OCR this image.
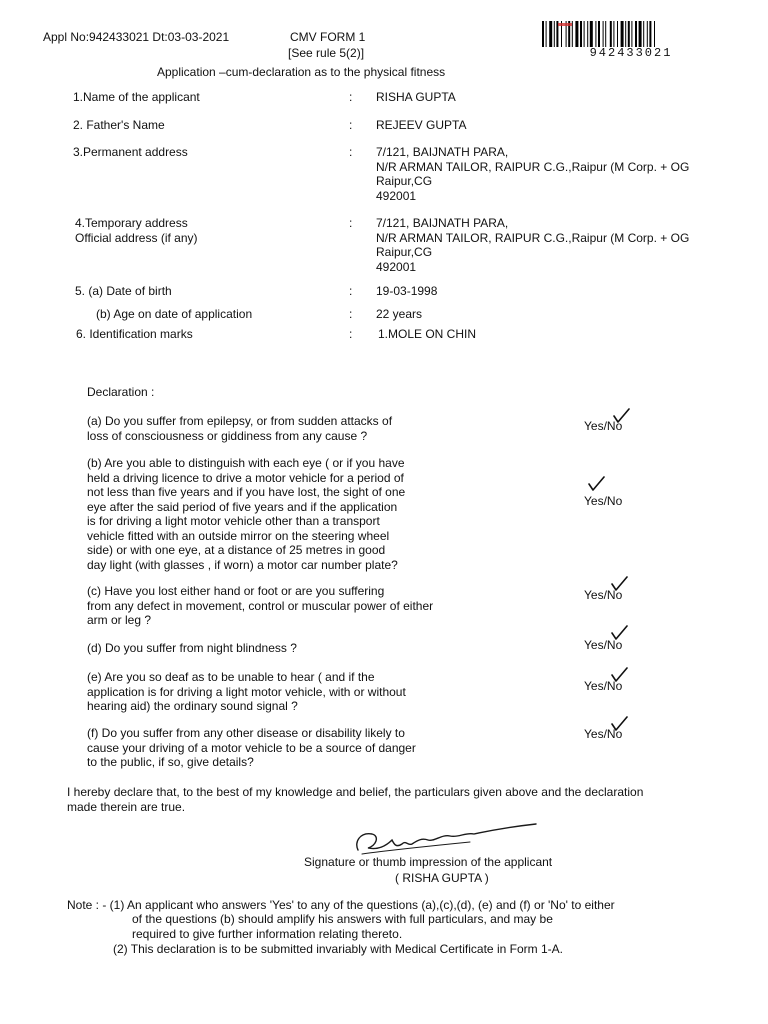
Appl No:942433021 Dt:03-03-2021	CMV FORM 1
[See rule 5(2)]
Application –cum-declaration as to the physical fitness
942433021
1.Name of the applicant	: RISHA GUPTA
2. Father's Name	: REJEEV GUPTA
3.Permanent address	: 7/121, BAIJNATH PARA,
N/R ARMAN TAILOR, RAIPUR C.G.,Raipur (M Corp. + OG
Raipur,CG
492001
4.Temporary address
Official address (if any)
: 7/121, BAIJNATH PARA,
N/R ARMAN TAILOR, RAIPUR C.G.,Raipur (M Corp. + OG
Raipur,CG
492001
5. (a) Date of birth	: 19-03-1998
(b) Age on date of application	: 22 years
6. Identification marks	: 1.MOLE ON CHIN
Declaration :
(a) Do you suffer from epilepsy, or from sudden attacks of
loss of consciousness or giddiness from any cause ?
Yes/No
(b) Are you able to distinguish with each eye ( or if you have
held a driving licence to drive a motor vehicle for a period of
not less than five years and if you have lost, the sight of one
eye after the said period of five years and if the application
is for driving a light motor vehicle other than a transport
vehicle fitted with an outside mirror on the steering wheel
side) or with one eye, at a distance of 25 metres in good
day light (with glasses , if worn) a motor car number plate?
Yes/No
(c) Have you lost either hand or foot or are you suffering
from any defect in movement, control or muscular power of either
arm or leg ?
Yes/No
(d) Do you suffer from night blindness ?	Yes/No
(e) Are you so deaf as to be unable to hear ( and if the
application is for driving a light motor vehicle, with or without
hearing aid) the ordinary sound signal ?
Yes/No
(f) Do you suffer from any other disease or disability likely to
cause your driving of a motor vehicle to be a source of danger
to the public, if so, give details?
Yes/No
I hereby declare that, to the best of my knowledge and belief, the particulars given above and the declaration
made therein are true.
Signature or thumb impression of the applicant
( RISHA GUPTA )
Note : - (1) An applicant who answers 'Yes' to any of the questions (a),(c),(d), (e) and (f) or 'No' to either
of the questions (b) should amplify his answers with full particulars, and may be
required to give further information relating thereto.
(2) This declaration is to be submitted invariably with Medical Certificate in Form 1-A.
